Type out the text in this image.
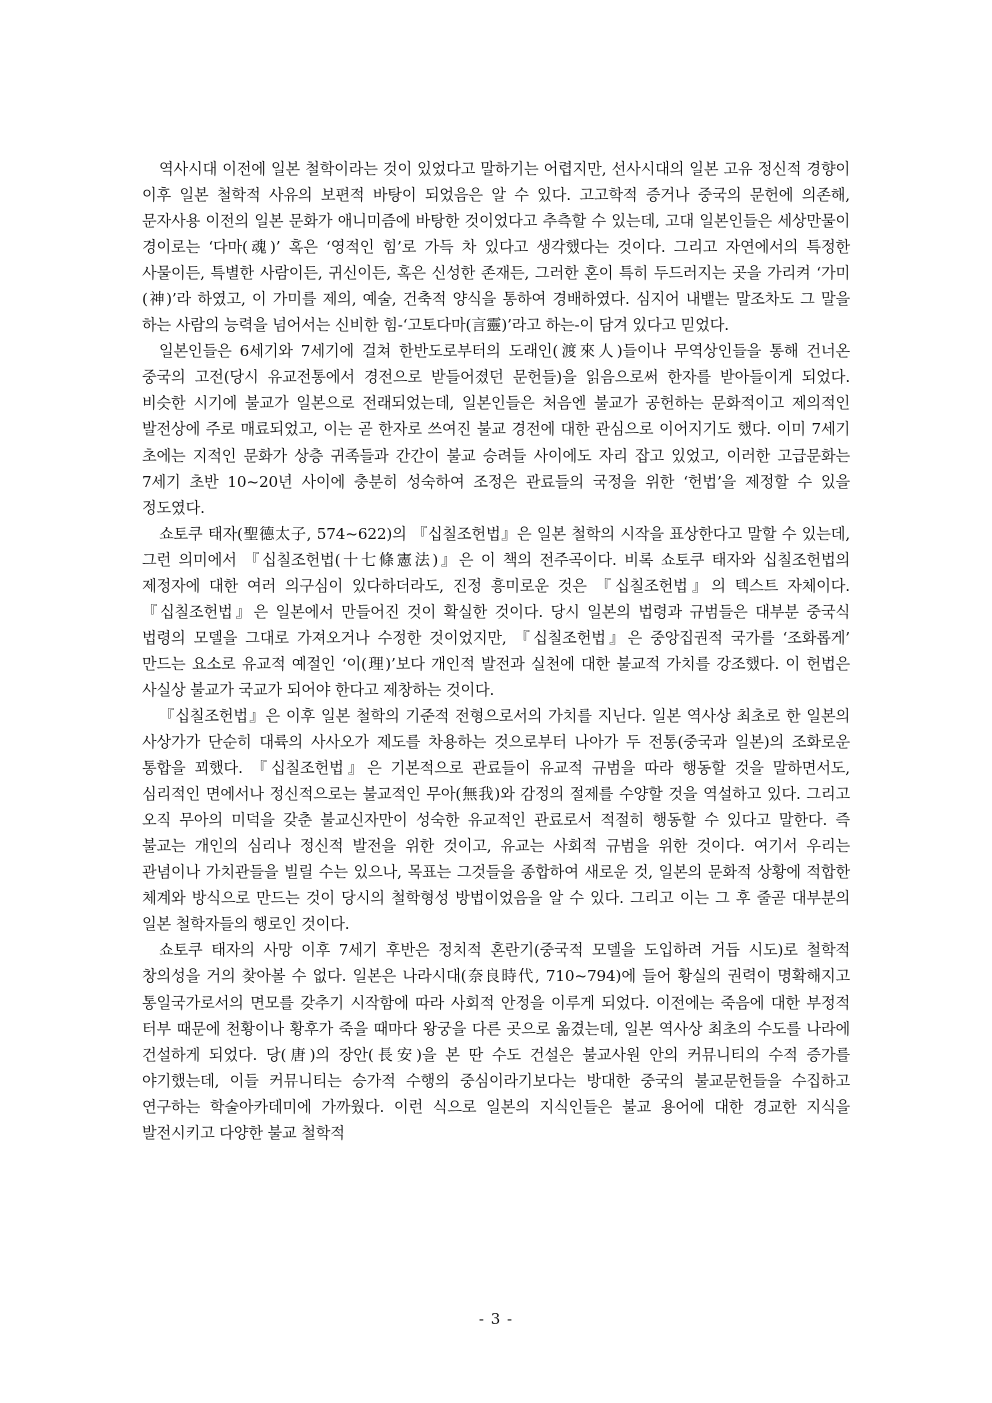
역사시대 이전에 일본 철학이라는 것이 있었다고 말하기는 어렵지만, 선사시대의 일본 고유 정신적 경향이 이후 일본 철학적 사유의 보편적 바탕이 되었음은 알 수 있다. 고고학적 증거나 중국의 문헌에 의존해, 문자사용 이전의 일본 문화가 애니미즘에 바탕한 것이었다고 추측할 수 있는데, 고대 일본인들은 세상만물이 경이로는 ‘다마(魂)’ 혹은 ‘영적인 힘’로 가득 차 있다고 생각했다는 것이다. 그리고 자연에서의 특정한 사물이든, 특별한 사람이든, 귀신이든, 혹은 신성한 존재든, 그러한 혼이 특히 두드러지는 곳을 가리켜 ‘가미(神)’라 하였고, 이 가미를 제의, 예술, 건축적 양식을 통하여 경배하였다. 심지어 내뱉는 말조차도 그 말을 하는 사람의 능력을 넘어서는 신비한 힘-‘고토다마(言靈)’라고 하는-이 담겨 있다고 믿었다.

일본인들은 6세기와 7세기에 걸쳐 한반도로부터의 도래인(渡來人)들이나 무역상인들을 통해 건너온 중국의 고전(당시 유교전통에서 경전으로 받들어졌던 문헌들)을 읽음으로써 한자를 받아들이게 되었다. 비슷한 시기에 불교가 일본으로 전래되었는데, 일본인들은 처음엔 불교가 공헌하는 문화적이고 제의적인 발전상에 주로 매료되었고, 이는 곧 한자로 쓰여진 불교 경전에 대한 관심으로 이어지기도 했다. 이미 7세기 초에는 지적인 문화가 상층 귀족들과 간간이 불교 승려들 사이에도 자리 잡고 있었고, 이러한 고급문화는 7세기 초반 10~20년 사이에 충분히 성숙하여 조정은 관료들의 국정을 위한 ‘헌법’을 제정할 수 있을 정도였다.

쇼토쿠 태자(聖德太子, 574~622)의 『십칠조헌법』은 일본 철학의 시작을 표상한다고 말할 수 있는데, 그런 의미에서 『십칠조헌법(十七條憲法)』은 이 책의 전주곡이다. 비록 쇼토쿠 태자와 십칠조헌법의 제정자에 대한 여러 의구심이 있다하더라도, 진정 흥미로운 것은 『십칠조헌법』의 텍스트 자체이다. 『십칠조헌법』은 일본에서 만들어진 것이 확실한 것이다. 당시 일본의 법령과 규범들은 대부분 중국식 법령의 모델을 그대로 가져오거나 수정한 것이었지만, 『십칠조헌법』은 중앙집권적 국가를 ‘조화롭게’ 만드는 요소로 유교적 예절인 ‘이(理)’보다 개인적 발전과 실천에 대한 불교적 가치를 강조했다. 이 헌법은 사실상 불교가 국교가 되어야 한다고 제창하는 것이다.

『십칠조헌법』은 이후 일본 철학의 기준적 전형으로서의 가치를 지닌다. 일본 역사상 최초로 한 일본의 사상가가 단순히 대륙의 사사오가 제도를 차용하는 것으로부터 나아가 두 전통(중국과 일본)의 조화로운 통합을 꾀했다. 『십칠조헌법』은 기본적으로 관료들이 유교적 규범을 따라 행동할 것을 말하면서도, 심리적인 면에서나 정신적으로는 불교적인 무아(無我)와 감정의 절제를 수양할 것을 역설하고 있다. 그리고 오직 무아의 미덕을 갖춘 불교신자만이 성숙한 유교적인 관료로서 적절히 행동할 수 있다고 말한다. 즉 불교는 개인의 심리나 정신적 발전을 위한 것이고, 유교는 사회적 규범을 위한 것이다. 여기서 우리는 관념이나 가치관들을 빌릴 수는 있으나, 목표는 그것들을 종합하여 새로운 것, 일본의 문화적 상황에 적합한 체계와 방식으로 만드는 것이 당시의 철학형성 방법이었음을 알 수 있다. 그리고 이는 그 후 줄곧 대부분의 일본 철학자들의 행로인 것이다.

쇼토쿠 태자의 사망 이후 7세기 후반은 정치적 혼란기(중국적 모델을 도입하려 거듭 시도)로 철학적 창의성을 거의 찾아볼 수 없다. 일본은 나라시대(奈良時代, 710~794)에 들어 황실의 권력이 명확해지고 통일국가로서의 면모를 갖추기 시작함에 따라 사회적 안정을 이루게 되었다. 이전에는 죽음에 대한 부정적 터부 때문에 천황이나 황후가 죽을 때마다 왕궁을 다른 곳으로 옮겼는데, 일본 역사상 최초의 수도를 나라에 건설하게 되었다. 당(唐)의 장안(長安)을 본 딴 수도 건설은 불교사원 안의 커뮤니티의 수적 증가를 야기했는데, 이들 커뮤니티는 승가적 수행의 중심이라기보다는 방대한 중국의 불교문헌들을 수집하고 연구하는 학술아카데미에 가까웠다. 이런 식으로 일본의 지식인들은 불교 용어에 대한 경교한 지식을 발전시키고 다양한 불교 철학적

- 3 -
